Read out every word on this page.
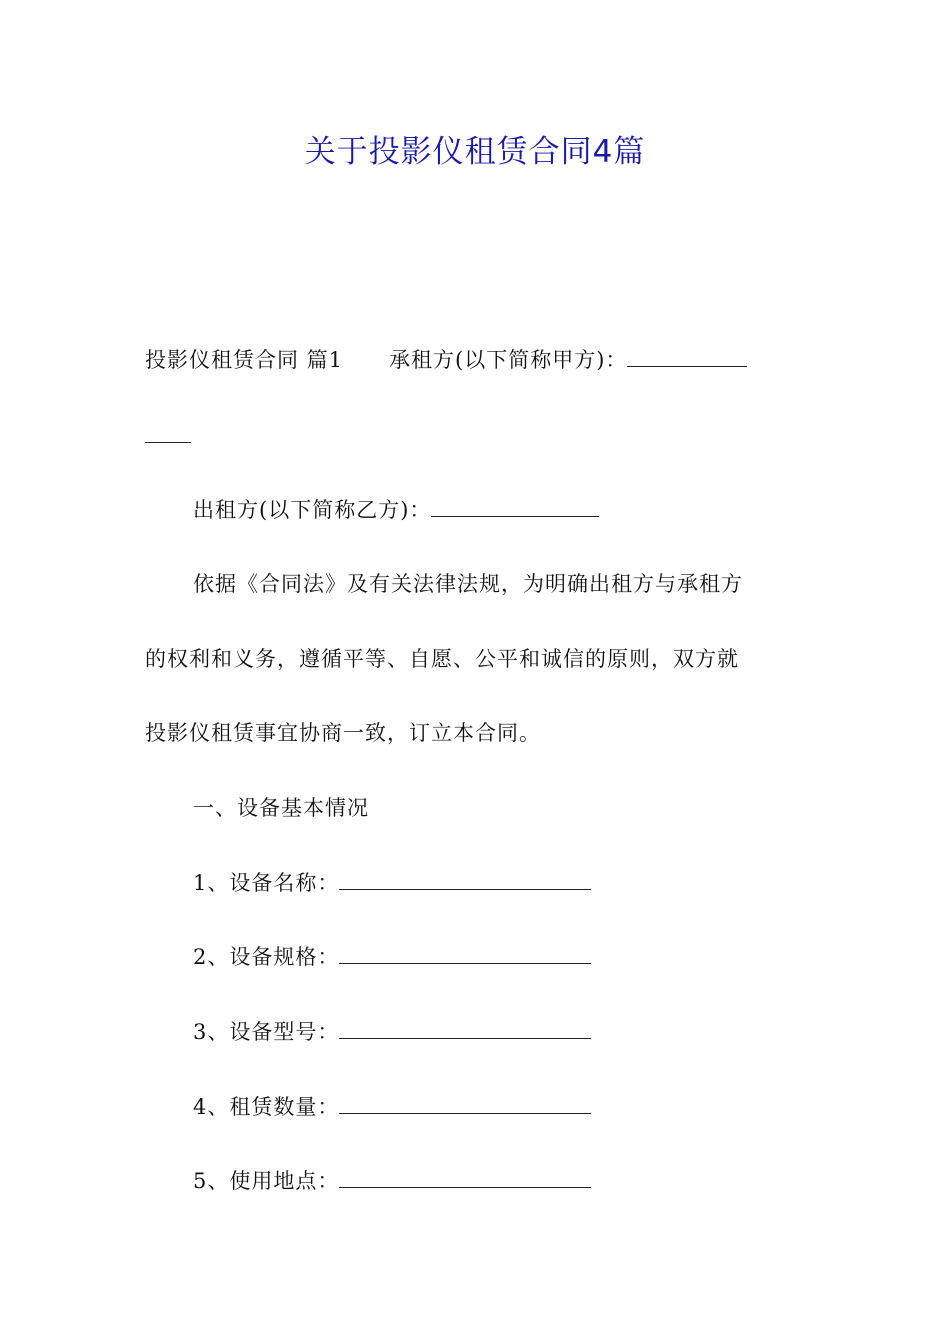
关于投影仪租赁合同4篇
投影仪租赁合同 篇1 承租方(以下简称甲方)：
出租方(以下简称乙方)：
依据《合同法》及有关法律法规，为明确出租方与承租方
的权利和义务，遵循平等、自愿、公平和诚信的原则，双方就
投影仪租赁事宜协商一致，订立本合同。
一、设备基本情况
1、设备名称：
2、设备规格：
3、设备型号：
4、租赁数量：
5、使用地点：
